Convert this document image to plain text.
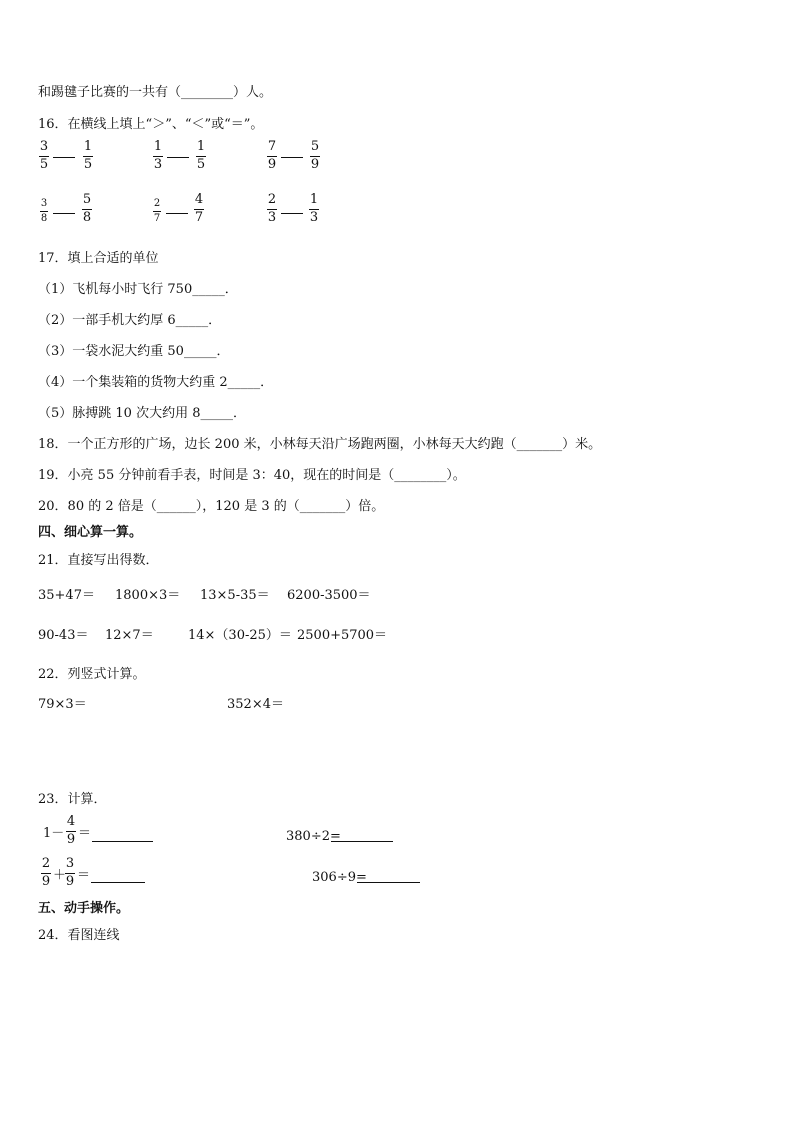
和踢毽子比赛的一共有（________）人。
16．在横线上填上“＞”、“＜”或“＝”。
3
5
1
5
1
3
1
5
7
9
5
9
3
8
5
8
2
7
4
7
2
3
1
3
17．填上合适的单位
（1）飞机每小时飞行 750_____．
（2）一部手机大约厚 6_____．
（3）一袋水泥大约重 50_____．
（4）一个集装箱的货物大约重 2_____．
（5）脉搏跳 10 次大约用 8_____．
18．一个正方形的广场，边长 200 米，小林每天沿广场跑两圈，小林每天大约跑（_______）米。
19．小亮 55 分钟前看手表，时间是 3：40，现在的时间是（________）。
20．80 的 2 倍是（______），120 是 3 的（_______）倍。
四、细心算一算。
21．直接写出得数．
35+47＝ 1800×3＝ 13×5-35＝ 6200-3500＝
90-43＝ 12×7＝	14×（30-25）＝ 2500+5700＝
22．列竖式计算。
79×3＝	352×4＝
23．计算．
1－
4
9 ＝
2
9 ＋
3
9 ＝
380÷2=
306÷9=
五、动手操作。
24．看图连线
